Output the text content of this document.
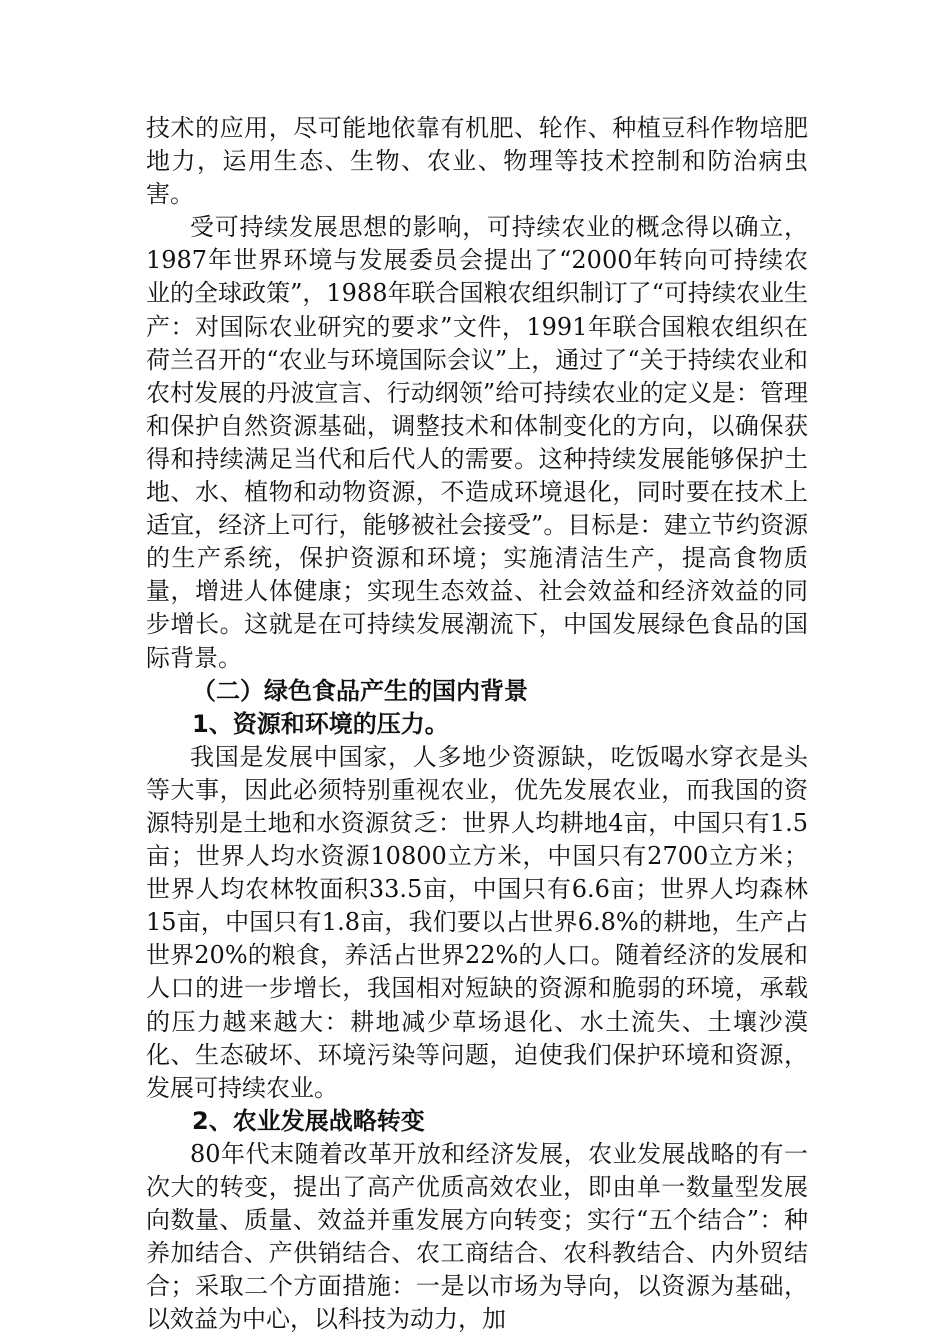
技术的应用，尽可能地依靠有机肥、轮作、种植豆科作物培肥地力，运用生态、生物、农业、物理等技术控制和防治病虫害。

受可持续发展思想的影响，可持续农业的概念得以确立，1987年世界环境与发展委员会提出了“2000年转向可持续农业的全球政策”，1988年联合国粮农组织制订了“可持续农业生产：对国际农业研究的要求”文件，1991年联合国粮农组织在荷兰召开的“农业与环境国际会议”上，通过了“关于持续农业和农村发展的丹波宣言、行动纲领”给可持续农业的定义是：管理和保护自然资源基础，调整技术和体制变化的方向，以确保获得和持续满足当代和后代人的需要。这种持续发展能够保护土地、水、植物和动物资源，不造成环境退化，同时要在技术上适宜，经济上可行，能够被社会接受”。目标是：建立节约资源的生产系统，保护资源和环境；实施清洁生产，提高食物质量，增进人体健康；实现生态效益、社会效益和经济效益的同步增长。这就是在可持续发展潮流下，中国发展绿色食品的国际背景。

（二）绿色食品产生的国内背景

1、资源和环境的压力。

我国是发展中国家，人多地少资源缺，吃饭喝水穿衣是头等大事，因此必须特别重视农业，优先发展农业，而我国的资源特别是土地和水资源贫乏：世界人均耕地4亩，中国只有1.5亩；世界人均水资源10800立方米，中国只有2700立方米；世界人均农林牧面积33.5亩，中国只有6.6亩；世界人均森林15亩，中国只有1.8亩，我们要以占世界6.8%的耕地，生产占世界20%的粮食，养活占世界22%的人口。随着经济的发展和人口的进一步增长，我国相对短缺的资源和脆弱的环境，承载的压力越来越大：耕地减少草场退化、水土流失、土壤沙漠化、生态破坏、环境污染等问题，迫使我们保护环境和资源，发展可持续农业。

2、农业发展战略转变

80年代末随着改革开放和经济发展，农业发展战略的有一次大的转变，提出了高产优质高效农业，即由单一数量型发展向数量、质量、效益并重发展方向转变；实行“五个结合”：种养加结合、产供销结合、农工商结合、农科教结合、内外贸结合；采取二个方面措施：一是以市场为导向，以资源为基础，以效益为中心，以科技为动力，加
